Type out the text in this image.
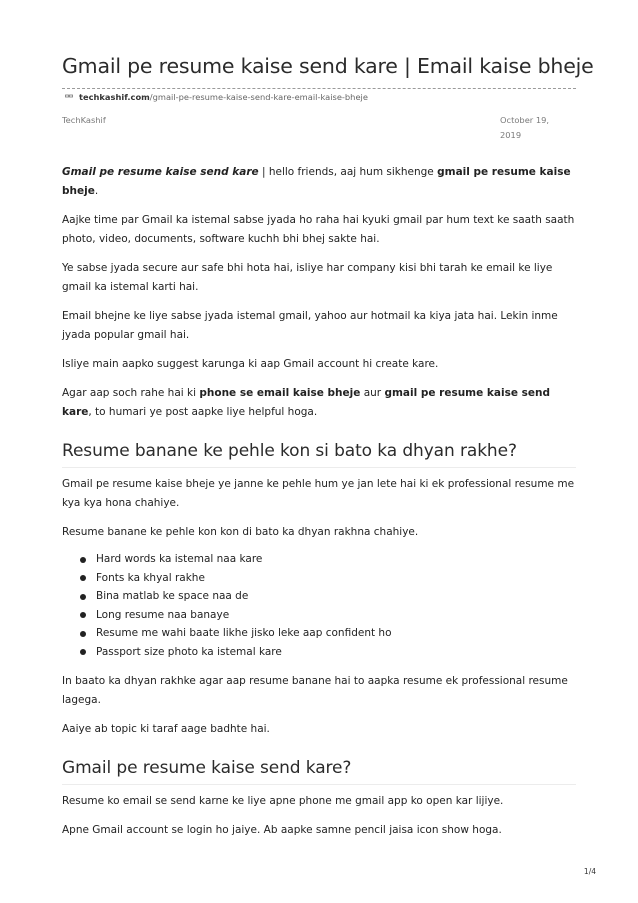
Gmail pe resume kaise send kare | Email kaise bheje
techkashif.com /gmail-pe-resume-kaise-send-kare-email-kaise-bheje
TechKashif	October 19,
2019

Gmail pe resume kaise send kare | hello friends, aaj hum sikhenge gmail pe resume kaise bheje.

Aajke time par Gmail ka istemal sabse jyada ho raha hai kyuki gmail par hum text ke saath saath photo, video, documents, software kuchh bhi bhej sakte hai.

Ye sabse jyada secure aur safe bhi hota hai, isliye har company kisi bhi tarah ke email ke liye gmail ka istemal karti hai.

Email bhejne ke liye sabse jyada istemal gmail, yahoo aur hotmail ka kiya jata hai. Lekin inme jyada popular gmail hai.

Isliye main aapko suggest karunga ki aap Gmail account hi create kare.

Agar aap soch rahe hai ki phone se email kaise bheje aur gmail pe resume kaise send kare, to humari ye post aapke liye helpful hoga.

Resume banane ke pehle kon si bato ka dhyan rakhe?

Gmail pe resume kaise bheje ye janne ke pehle hum ye jan lete hai ki ek professional resume me kya kya hona chahiye.

Resume banane ke pehle kon kon di bato ka dhyan rakhna chahiye.

Hard words ka istemal naa kare
Fonts ka khyal rakhe
Bina matlab ke space naa de
Long resume naa banaye
Resume me wahi baate likhe jisko leke aap confident ho
Passport size photo ka istemal kare

In baato ka dhyan rakhke agar aap resume banane hai to aapka resume ek professional resume lagega.

Aaiye ab topic ki taraf aage badhte hai.

Gmail pe resume kaise send kare?

Resume ko email se send karne ke liye apne phone me gmail app ko open kar lijiye.

Apne Gmail account se login ho jaiye. Ab aapke samne pencil jaisa icon show hoga.

1/4
